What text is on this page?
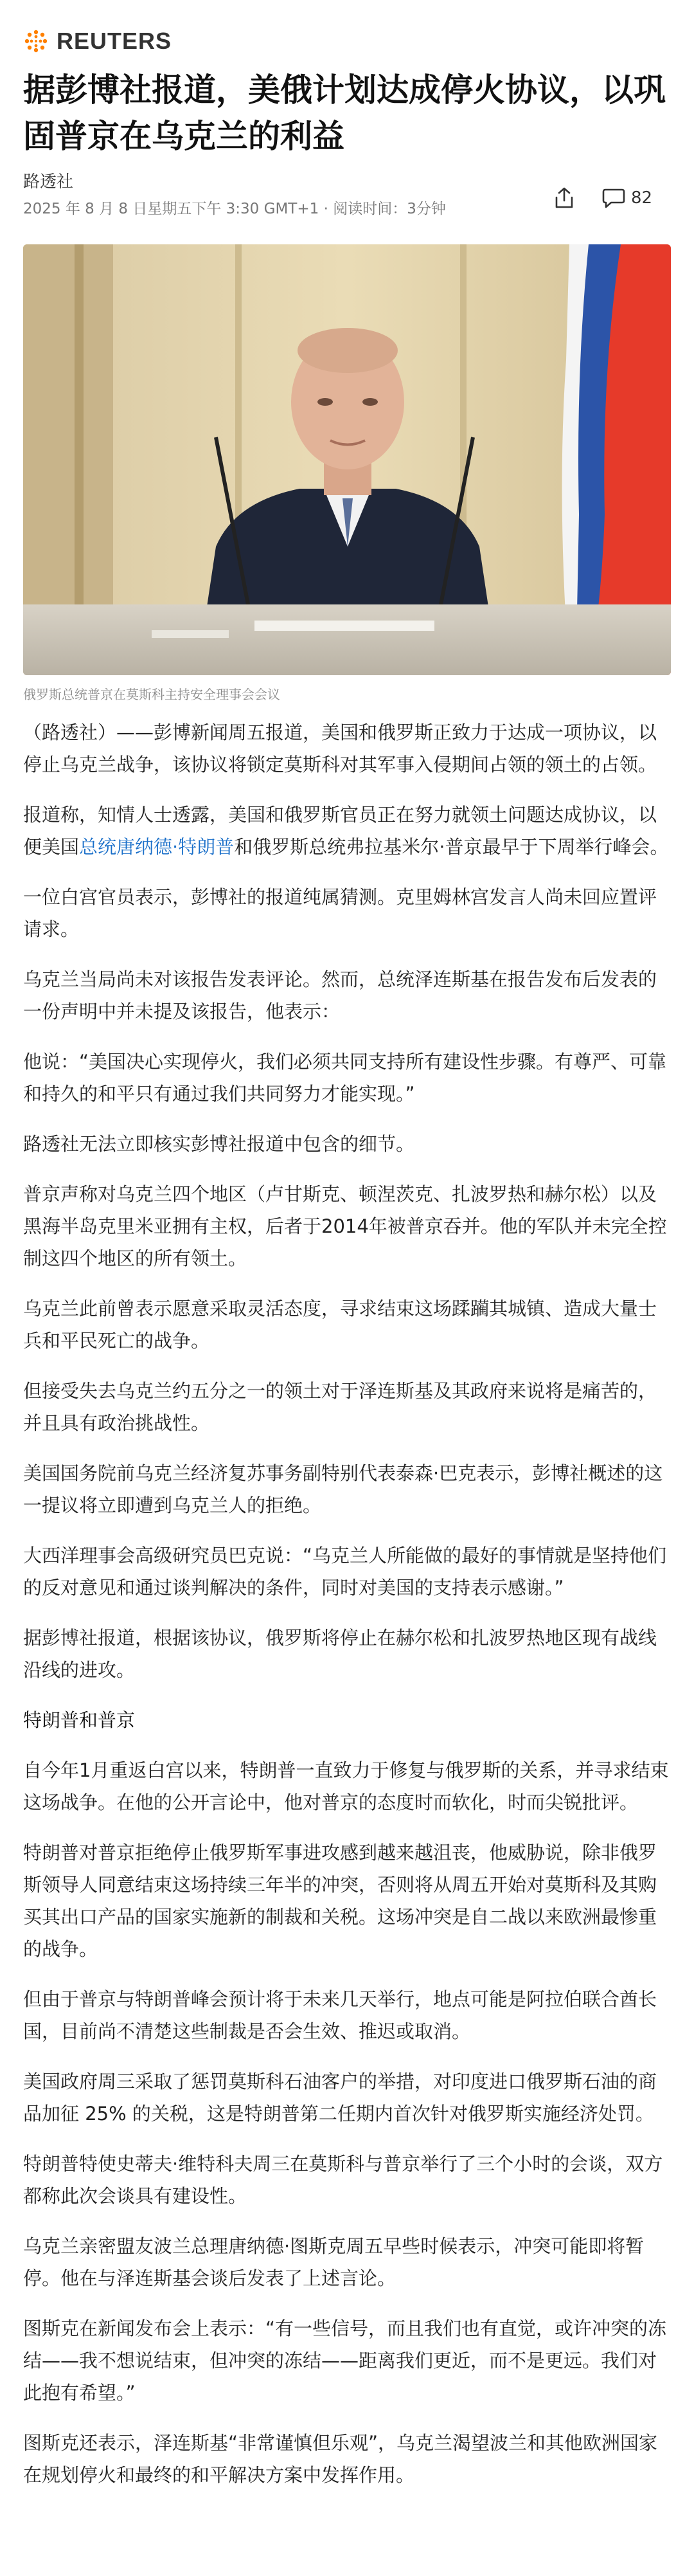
REUTERS
据彭博社报道，美俄计划达成停火协议，以巩固普京在乌克兰的利益
路透社
2025 年 8 月 8 日星期五下午 3:30 GMT+1 · 阅读时间：3分钟
82
俄罗斯总统普京在莫斯科主持安全理事会会议

（路透社）——彭博新闻周五报道，美国和俄罗斯正致力于达成一项协议，以停止乌克兰战争，该协议将锁定莫斯科对其军事入侵期间占领的领土的占领。

报道称，知情人士透露，美国和俄罗斯官员正在努力就领土问题达成协议，以便美国总统唐纳德·特朗普和俄罗斯总统弗拉基米尔·普京最早于下周举行峰会。

一位白宫官员表示，彭博社的报道纯属猜测。克里姆林宫发言人尚未回应置评请求。

乌克兰当局尚未对该报告发表评论。然而，总统泽连斯基在报告发布后发表的一份声明中并未提及该报告，他表示：

他说：“美国决心实现停火，我们必须共同支持所有建设性步骤。有尊严、可靠和持久的和平只有通过我们共同努力才能实现。”

路透社无法立即核实彭博社报道中包含的细节。

普京声称对乌克兰四个地区（卢甘斯克、顿涅茨克、扎波罗热和赫尔松）以及黑海半岛克里米亚拥有主权，后者于2014年被普京吞并。他的军队并未完全控制这四个地区的所有领土。

乌克兰此前曾表示愿意采取灵活态度，寻求结束这场蹂躏其城镇、造成大量士兵和平民死亡的战争。

但接受失去乌克兰约五分之一的领土对于泽连斯基及其政府来说将是痛苦的，并且具有政治挑战性。

美国国务院前乌克兰经济复苏事务副特别代表泰森·巴克表示，彭博社概述的这一提议将立即遭到乌克兰人的拒绝。

大西洋理事会高级研究员巴克说：“乌克兰人所能做的最好的事情就是坚持他们的反对意见和通过谈判解决的条件，同时对美国的支持表示感谢。”

据彭博社报道，根据该协议，俄罗斯将停止在赫尔松和扎波罗热地区现有战线沿线的进攻。

特朗普和普京

自今年1月重返白宫以来，特朗普一直致力于修复与俄罗斯的关系，并寻求结束这场战争。在他的公开言论中，他对普京的态度时而软化，时而尖锐批评。

特朗普对普京拒绝停止俄罗斯军事进攻感到越来越沮丧，他威胁说，除非俄罗斯领导人同意结束这场持续三年半的冲突，否则将从周五开始对莫斯科及其购买其出口产品的国家实施新的制裁和关税。这场冲突是自二战以来欧洲最惨重的战争。

但由于普京与特朗普峰会预计将于未来几天举行，地点可能是阿拉伯联合酋长国，目前尚不清楚这些制裁是否会生效、推迟或取消。

美国政府周三采取了惩罚莫斯科石油客户的举措，对印度进口俄罗斯石油的商品加征 25% 的关税，这是特朗普第二任期内首次针对俄罗斯实施经济处罚。

特朗普特使史蒂夫·维特科夫周三在莫斯科与普京举行了三个小时的会谈，双方都称此次会谈具有建设性。

乌克兰亲密盟友波兰总理唐纳德·图斯克周五早些时候表示，冲突可能即将暂停。他在与泽连斯基会谈后发表了上述言论。

图斯克在新闻发布会上表示：“有一些信号，而且我们也有直觉，或许冲突的冻结——我不想说结束，但冲突的冻结——距离我们更近，而不是更远。我们对此抱有希望。”

图斯克还表示，泽连斯基“非常谨慎但乐观”，乌克兰渴望波兰和其他欧洲国家在规划停火和最终的和平解决方案中发挥作用。
